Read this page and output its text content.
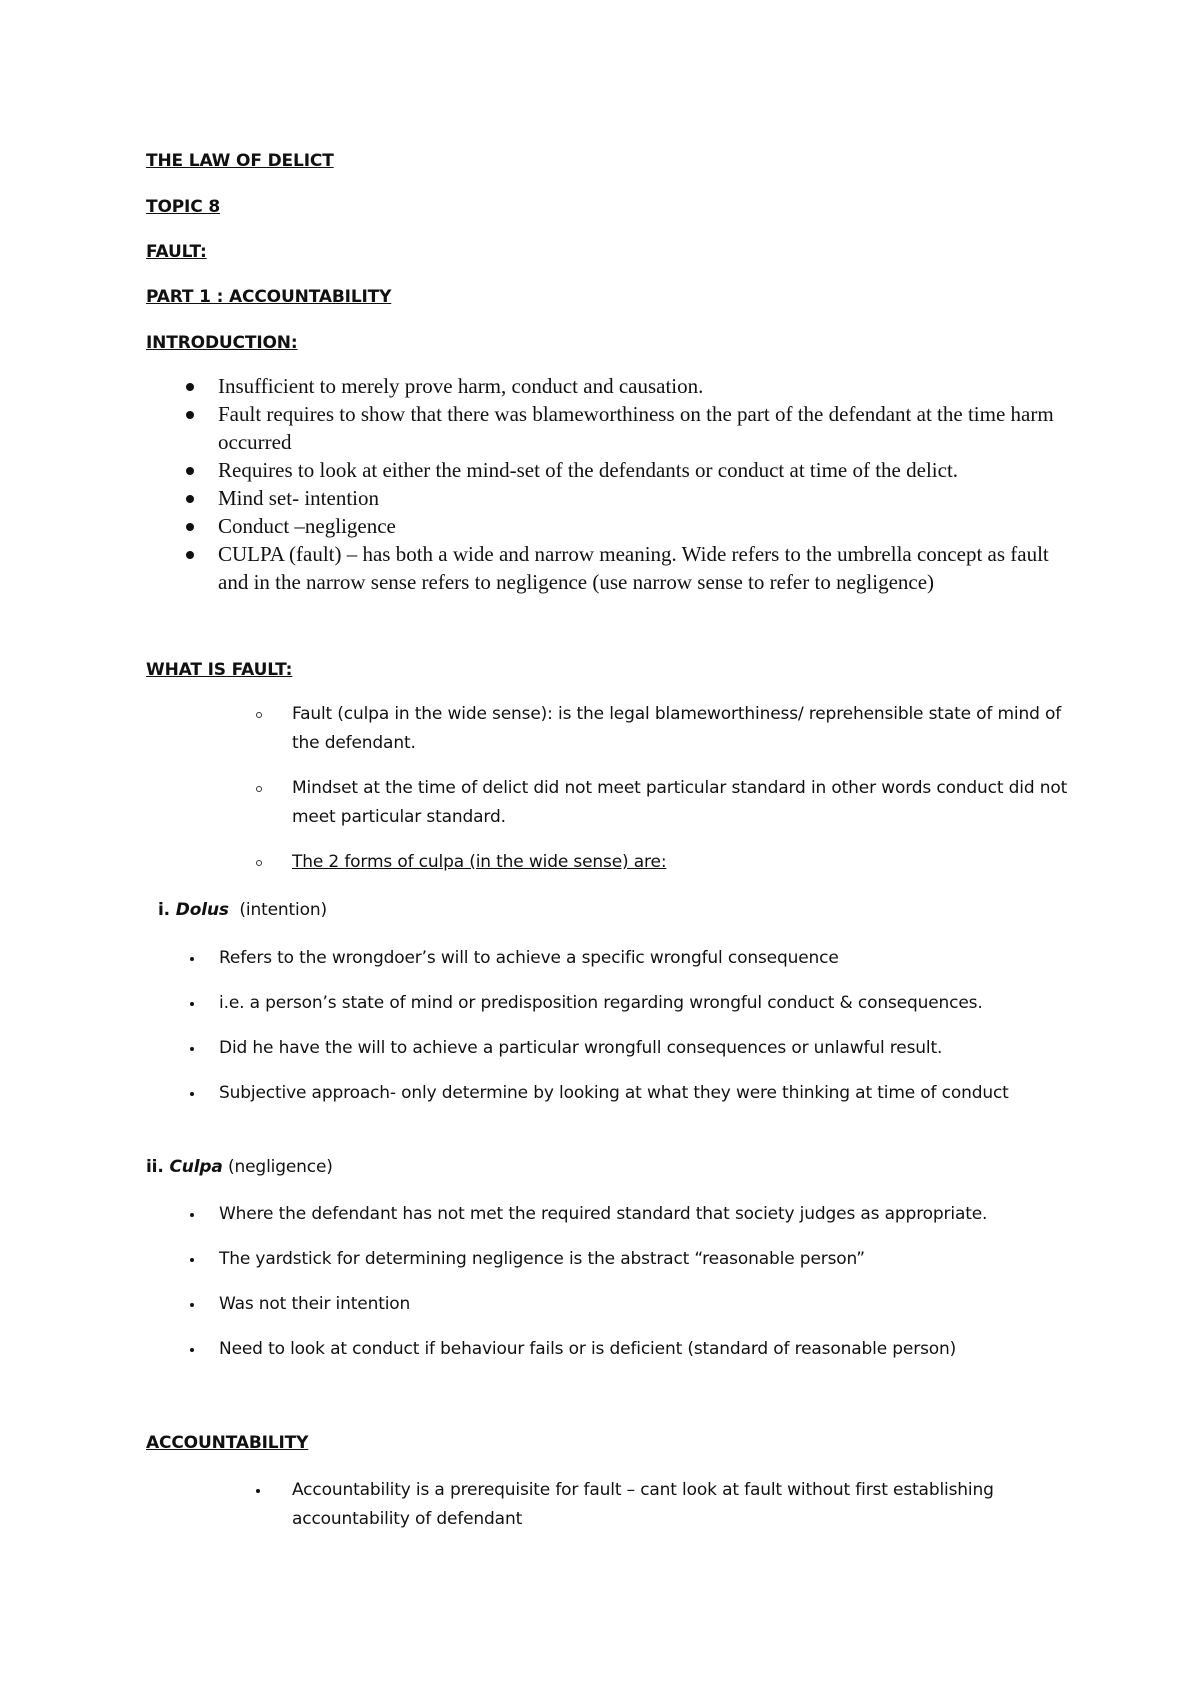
THE LAW OF DELICT
TOPIC 8
FAULT:
PART 1 : ACCOUNTABILITY
INTRODUCTION:
Insufficient to merely prove harm, conduct and causation.
Fault requires to show that there was blameworthiness on the part of the defendant at the time harm occurred
Requires to look at either the mind-set of the defendants or conduct at time of the delict.
Mind set- intention
Conduct –negligence
CULPA (fault) – has both a wide and narrow meaning. Wide refers to the umbrella concept as fault and in the narrow sense refers to negligence (use narrow sense to refer to negligence)
WHAT IS FAULT:
Fault (culpa in the wide sense): is the legal blameworthiness/ reprehensible state of mind of the defendant.
Mindset at the time of delict did not meet particular standard in other words conduct did not meet particular standard.
The 2 forms of culpa (in the wide sense) are:
i. Dolus (intention)
Refers to the wrongdoer’s will to achieve a specific wrongful consequence
i.e. a person’s state of mind or predisposition regarding wrongful conduct & consequences.
Did he have the will to achieve a particular wrongfull consequences or unlawful result.
Subjective approach- only determine by looking at what they were thinking at time of conduct
ii. Culpa (negligence)
Where the defendant has not met the required standard that society judges as appropriate.
The yardstick for determining negligence is the abstract “reasonable person”
Was not their intention
Need to look at conduct if behaviour fails or is deficient (standard of reasonable person)
ACCOUNTABILITY
Accountability is a prerequisite for fault – cant look at fault without first establishing accountability of defendant
